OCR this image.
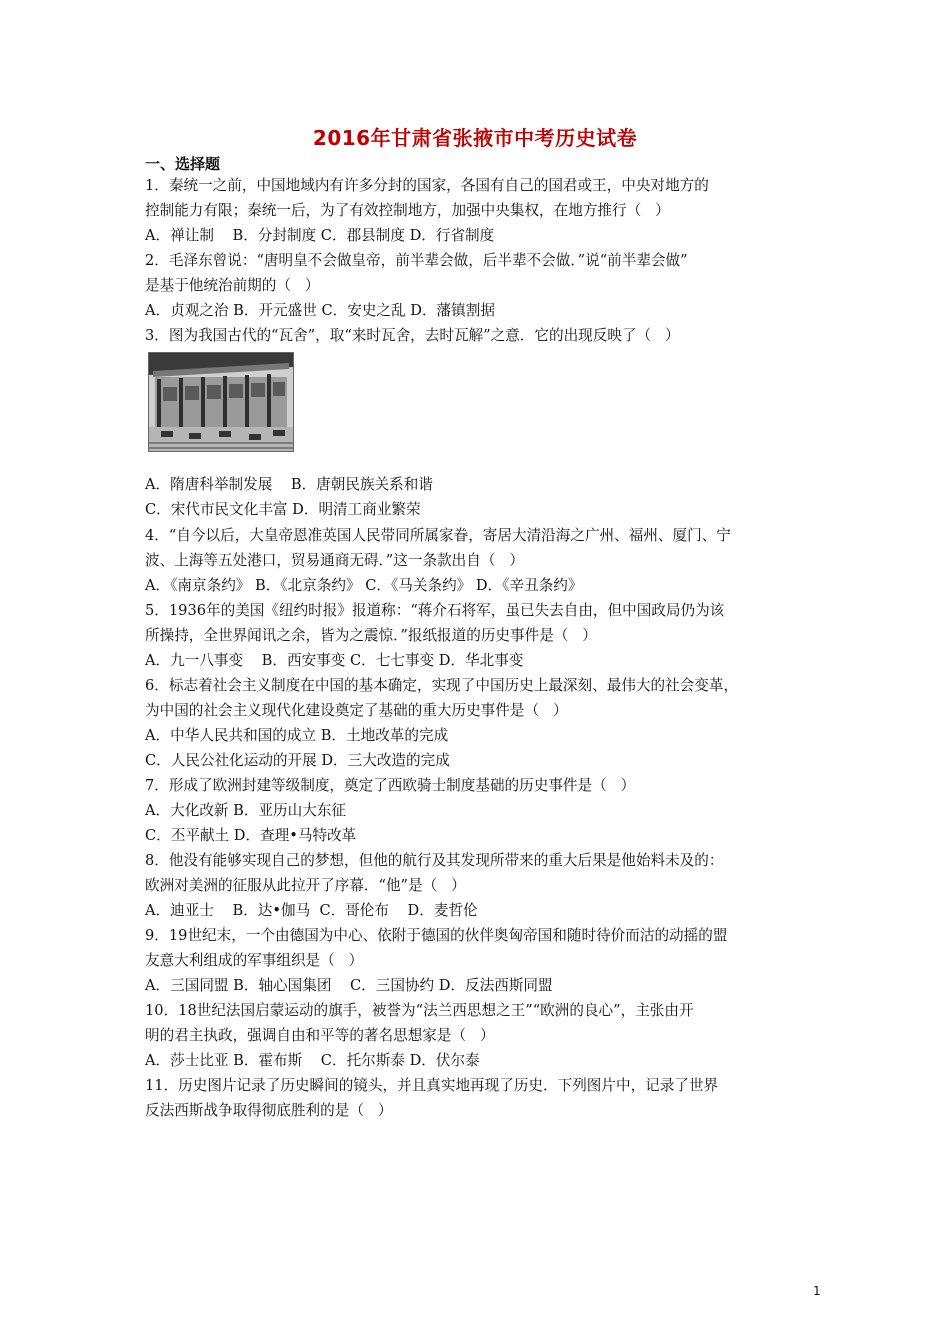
2016年甘肃省张掖市中考历史试卷
一、选择题
1．秦统一之前，中国地域内有许多分封的国家，各国有自己的国君或王，中央对地方的
控制能力有限；秦统一后，为了有效控制地方，加强中央集权，在地方推行（   ）
A．禅让制    B．分封制度 C．郡县制度 D．行省制度
2．毛泽东曾说：“唐明皇不会做皇帝，前半辈会做，后半辈不会做．”说“前半辈会做”
是基于他统治前期的（   ）
A．贞观之治 B．开元盛世 C．安史之乱 D．藩镇割据
3．图为我国古代的“瓦舍”，取“来时瓦舍，去时瓦解”之意．它的出现反映了（   ）
A．隋唐科举制发展    B．唐朝民族关系和谐
C．宋代市民文化丰富 D．明清工商业繁荣
4．“自今以后，大皇帝恩准英国人民带同所属家眷，寄居大清沿海之广州、福州、厦门、宁
波、上海等五处港口，贸易通商无碍．”这一条款出自（   ）
A．《南京条约》 B．《北京条约》 C．《马关条约》 D．《辛丑条约》
5．1936年的美国《纽约时报》报道称：“蒋介石将军，虽已失去自由，但中国政局仍为该
所操持，全世界闻讯之余，皆为之震惊．”报纸报道的历史事件是（   ）
A．九一八事变    B．西安事变 C．七七事变 D．华北事变
6．标志着社会主义制度在中国的基本确定，实现了中国历史上最深刻、最伟大的社会变革，
为中国的社会主义现代化建设奠定了基础的重大历史事件是（   ）
A．中华人民共和国的成立 B．土地改革的完成
C．人民公社化运动的开展 D．三大改造的完成
7．形成了欧洲封建等级制度，奠定了西欧骑士制度基础的历史事件是（   ）
A．大化改新 B．亚历山大东征
C．丕平献土 D．查理•马特改革
8．他没有能够实现自己的梦想，但他的航行及其发现所带来的重大后果是他始料未及的：
欧洲对美洲的征服从此拉开了序幕．“他”是（   ）
A．迪亚士    B．达•伽马  C．哥伦布    D．麦哲伦
9．19世纪末，一个由德国为中心、依附于德国的伙伴奥匈帝国和随时待价而沽的动摇的盟
友意大利组成的军事组织是（   ）
A．三国同盟 B．轴心国集团    C．三国协约 D．反法西斯同盟
10．18世纪法国启蒙运动的旗手，被誉为“法兰西思想之王”“欧洲的良心”，主张由开
明的君主执政，强调自由和平等的著名思想家是（   ）
A．莎士比亚 B．霍布斯    C．托尔斯泰 D．伏尔泰
11．历史图片记录了历史瞬间的镜头，并且真实地再现了历史．下列图片中，记录了世界
反法西斯战争取得彻底胜利的是（   ）
1
